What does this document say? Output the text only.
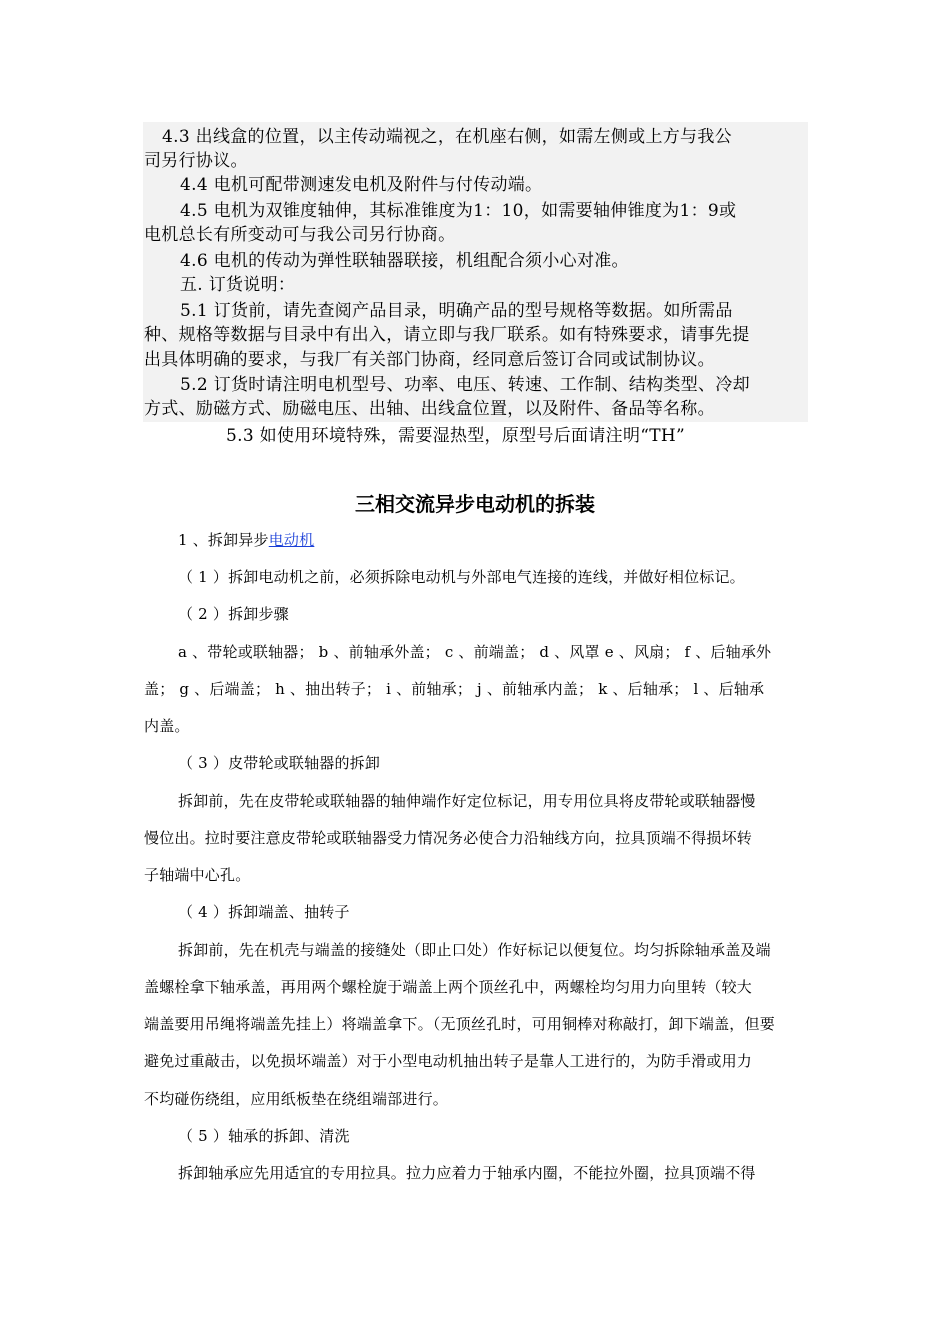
4.3 出线盒的位置，以主传动端视之，在机座右侧，如需左侧或上方与我公
司另行协议。
4.4 电机可配带测速发电机及附件与付传动端。
4.5 电机为双锥度轴伸，其标准锥度为1：10，如需要轴伸锥度为1：9或
电机总长有所变动可与我公司另行协商。
4.6 电机的传动为弹性联轴器联接，机组配合须小心对准。
五. 订货说明：
5.1 订货前，请先查阅产品目录，明确产品的型号规格等数据。如所需品
种、规格等数据与目录中有出入，请立即与我厂联系。如有特殊要求，请事先提
出具体明确的要求，与我厂有关部门协商，经同意后签订合同或试制协议。
5.2 订货时请注明电机型号、功率、电压、转速、工作制、结构类型、冷却
方式、励磁方式、励磁电压、出轴、出线盒位置，以及附件、备品等名称。
5.3 如使用环境特殊，需要湿热型，原型号后面请注明“TH”
三相交流异步电动机的拆装
1 、拆卸异步电动机
（ 1 ）拆卸电动机之前，必须拆除电动机与外部电气连接的连线，并做好相位标记。
（ 2 ）拆卸步骤
a 、带轮或联轴器； b 、前轴承外盖； c 、前端盖； d 、风罩 e 、风扇； f 、后轴承外
盖； g 、后端盖； h 、抽出转子； i 、前轴承； j 、前轴承内盖； k 、后轴承； l 、后轴承
内盖。
（ 3 ）皮带轮或联轴器的拆卸
拆卸前，先在皮带轮或联轴器的轴伸端作好定位标记，用专用位具将皮带轮或联轴器慢
慢位出。拉时要注意皮带轮或联轴器受力情况务必使合力沿轴线方向，拉具顶端不得损坏转
子轴端中心孔。
（ 4 ）拆卸端盖、抽转子
拆卸前，先在机壳与端盖的接缝处（即止口处）作好标记以便复位。均匀拆除轴承盖及端
盖螺栓拿下轴承盖，再用两个螺栓旋于端盖上两个顶丝孔中，两螺栓均匀用力向里转（较大
端盖要用吊绳将端盖先挂上）将端盖拿下。（无顶丝孔时，可用铜棒对称敲打，卸下端盖，但要
避免过重敲击，以免损坏端盖）对于小型电动机抽出转子是靠人工进行的，为防手滑或用力
不均碰伤绕组，应用纸板垫在绕组端部进行。
（ 5 ）轴承的拆卸、清洗
拆卸轴承应先用适宜的专用拉具。拉力应着力于轴承内圈，不能拉外圈，拉具顶端不得
